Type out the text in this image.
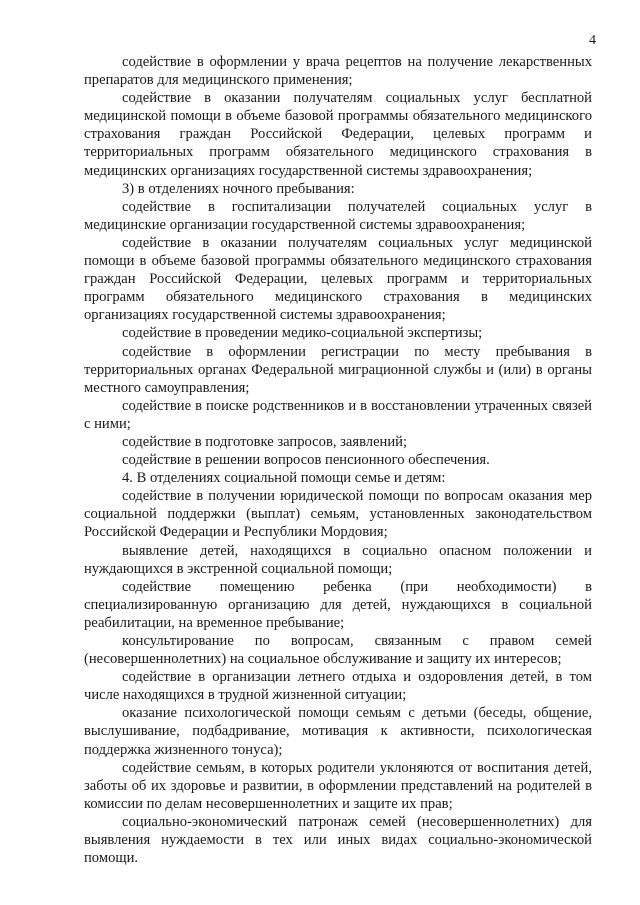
4

содействие в оформлении у врача рецептов на получение лекарственных препаратов для медицинского применения;

содействие в оказании получателям социальных услуг бесплатной медицинской помощи в объеме базовой программы обязательного медицинского страхования граждан Российской Федерации, целевых программ и территориальных программ обязательного медицинского страхования в медицинских организациях государственной системы здравоохранения;

3) в отделениях ночного пребывания:

содействие в госпитализации получателей социальных услуг в медицинские организации государственной системы здравоохранения;

содействие в оказании получателям социальных услуг медицинской помощи в объеме базовой программы обязательного медицинского страхования граждан Российской Федерации, целевых программ и территориальных программ обязательного медицинского страхования в медицинских организациях государственной системы здравоохранения;

содействие в проведении медико-социальной экспертизы;

содействие в оформлении регистрации по месту пребывания в территориальных органах Федеральной миграционной службы и (или) в органы местного самоуправления;

содействие в поиске родственников и в восстановлении утраченных связей с ними;

содействие в подготовке запросов, заявлений;

содействие в решении вопросов пенсионного обеспечения.

4. В отделениях социальной помощи семье и детям:

содействие в получении юридической помощи по вопросам оказания мер социальной поддержки (выплат) семьям, установленных законодательством Российской Федерации и Республики Мордовия;

выявление детей, находящихся в социально опасном положении и нуждающихся в экстренной социальной помощи;

содействие помещению ребенка (при необходимости) в специализированную организацию для детей, нуждающихся в социальной реабилитации, на временное пребывание;

консультирование по вопросам, связанным с правом семей (несовершеннолетних) на социальное обслуживание и защиту их интересов;

содействие в организации летнего отдыха и оздоровления детей, в том числе находящихся в трудной жизненной ситуации;

оказание психологической помощи семьям с детьми (беседы, общение, выслушивание, подбадривание, мотивация к активности, психологическая поддержка жизненного тонуса);

содействие семьям, в которых родители уклоняются от воспитания детей, заботы об их здоровье и развитии, в оформлении представлений на родителей в комиссии по делам несовершеннолетних и защите их прав;

социально-экономический патронаж семей (несовершеннолетних) для выявления нуждаемости в тех или иных видах социально-экономической помощи.
